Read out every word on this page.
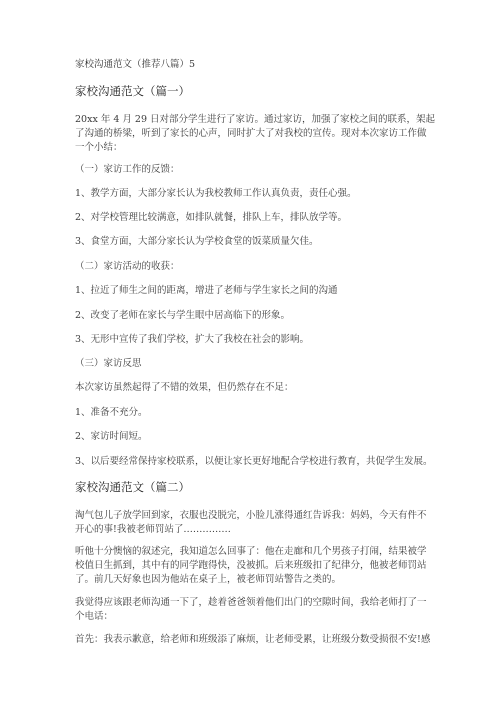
家校沟通范文（推荐八篇）5
家校沟通范文（篇一）
20xx 年 4 月 29 日对部分学生进行了家访。通过家访，加强了家校之间的联系，架起
了沟通的桥梁，听到了家长的心声，同时扩大了对我校的宣传。现对本次家访工作做
一个小结：
（一）家访工作的反馈：
1、教学方面，大部分家长认为我校教师工作认真负责，责任心强。
2、对学校管理比较满意，如排队就餐，排队上车，排队放学等。
3、食堂方面，大部分家长认为学校食堂的饭菜质量欠佳。
（二）家访活动的收获：
1、拉近了师生之间的距离，增进了老师与学生家长之间的沟通
2、改变了老师在家长与学生眼中居高临下的形象。
3、无形中宣传了我们学校，扩大了我校在社会的影响。
（三）家访反思
本次家访虽然起得了不错的效果，但仍然存在不足：
1、准备不充分。
2、家访时间短。
3、以后要经常保持家校联系，以便让家长更好地配合学校进行教育，共促学生发展。
家校沟通范文（篇二）
淘气包儿子放学回到家，衣服也没脱完，小脸儿涨得通红告诉我：妈妈，今天有件不
开心的事!我被老师罚站了……………
听他十分懊恼的叙述完，我知道怎么回事了：他在走廊和几个男孩子打闹，结果被学
校值日生抓到，其中有的同学跑得快，没被抓。后来班级扣了纪律分，他被老师罚站
了。前几天好象也因为他站在桌子上，被老师罚站警告之类的。
我觉得应该跟老师沟通一下了，趁着爸爸领着他们出门的空隙时间，我给老师打了一
个电话：
首先：我表示歉意，给老师和班级添了麻烦，让老师受累，让班级分数受损很不安!感
